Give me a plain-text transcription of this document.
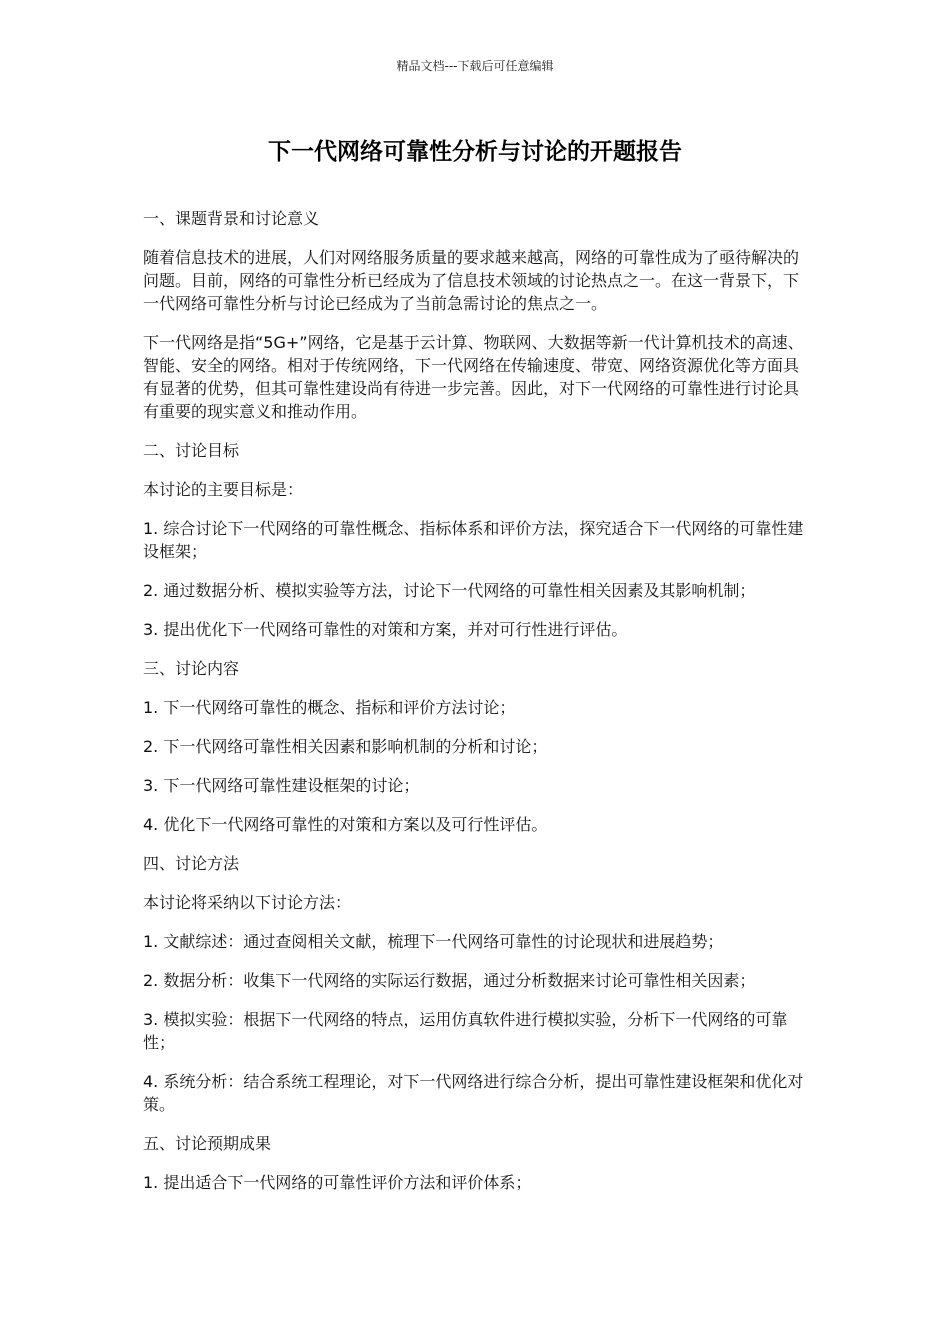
精品文档---下载后可任意编辑
下一代网络可靠性分析与讨论的开题报告

一、课题背景和讨论意义

随着信息技术的进展，人们对网络服务质量的要求越来越高，网络的可靠性成为了亟待解决的问题。目前，网络的可靠性分析已经成为了信息技术领域的讨论热点之一。在这一背景下，下一代网络可靠性分析与讨论已经成为了当前急需讨论的焦点之一。

下一代网络是指“5G+”网络，它是基于云计算、物联网、大数据等新一代计算机技术的高速、智能、安全的网络。相对于传统网络，下一代网络在传输速度、带宽、网络资源优化等方面具有显著的优势，但其可靠性建设尚有待进一步完善。因此，对下一代网络的可靠性进行讨论具有重要的现实意义和推动作用。

二、讨论目标

本讨论的主要目标是：

1. 综合讨论下一代网络的可靠性概念、指标体系和评价方法，探究适合下一代网络的可靠性建设框架；

2. 通过数据分析、模拟实验等方法，讨论下一代网络的可靠性相关因素及其影响机制；

3. 提出优化下一代网络可靠性的对策和方案，并对可行性进行评估。

三、讨论内容

1. 下一代网络可靠性的概念、指标和评价方法讨论；

2. 下一代网络可靠性相关因素和影响机制的分析和讨论；

3. 下一代网络可靠性建设框架的讨论；

4. 优化下一代网络可靠性的对策和方案以及可行性评估。

四、讨论方法

本讨论将采纳以下讨论方法：

1. 文献综述：通过查阅相关文献，梳理下一代网络可靠性的讨论现状和进展趋势；

2. 数据分析：收集下一代网络的实际运行数据，通过分析数据来讨论可靠性相关因素；

3. 模拟实验：根据下一代网络的特点，运用仿真软件进行模拟实验，分析下一代网络的可靠性；

4. 系统分析：结合系统工程理论，对下一代网络进行综合分析，提出可靠性建设框架和优化对策。

五、讨论预期成果

1. 提出适合下一代网络的可靠性评价方法和评价体系；
